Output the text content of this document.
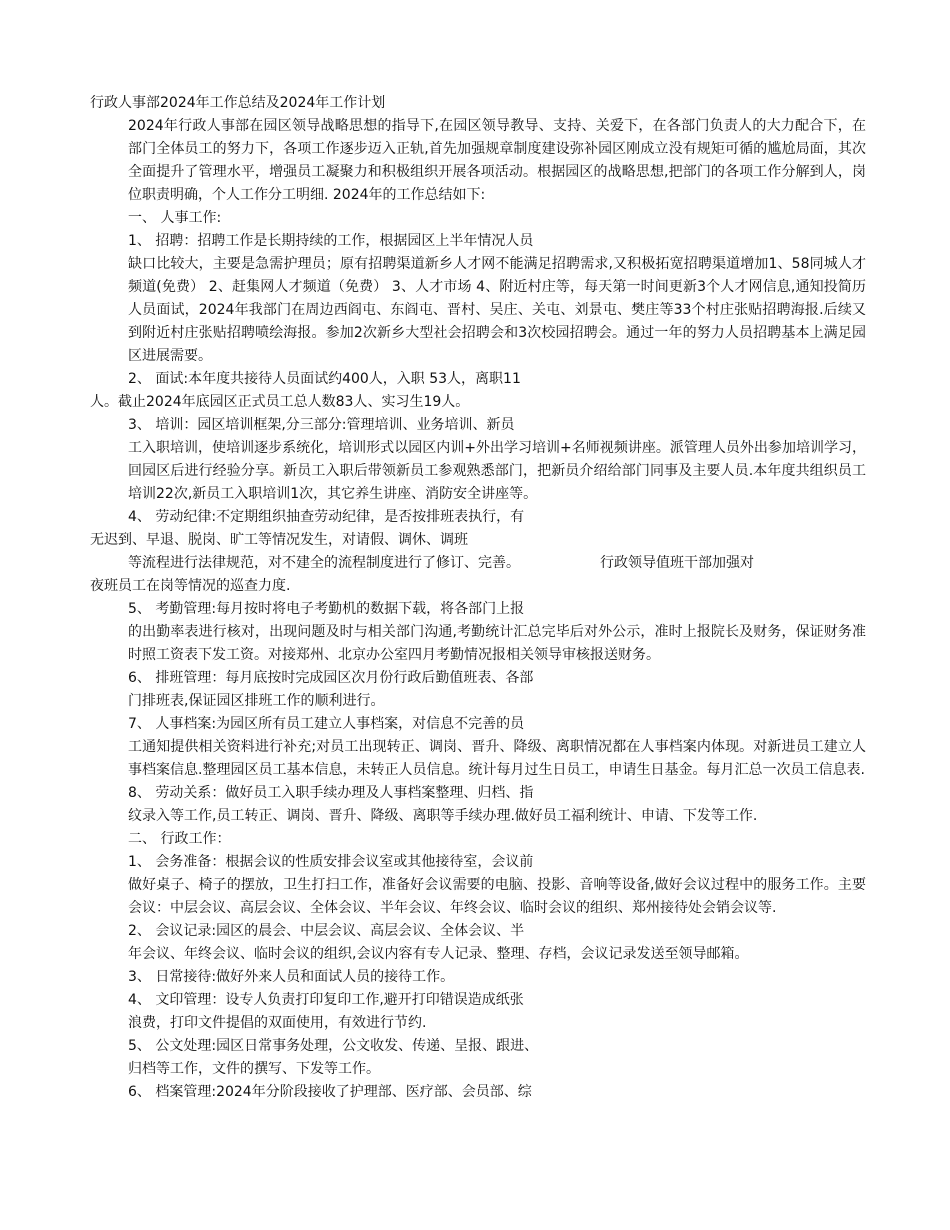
行政人事部2024年工作总结及2024年工作计划
2024年行政人事部在园区领导战略思想的指导下,在园区领导教导、支持、关爱下，在各部门负责人的大力配合下，在部门全体员工的努力下，各项工作逐步迈入正轨,首先加强规章制度建设弥补园区刚成立没有规矩可循的尴尬局面，其次全面提升了管理水平，增强员工凝聚力和积极组织开展各项活动。根据园区的战略思想,把部门的各项工作分解到人，岗位职责明确，个人工作分工明细. 2024年的工作总结如下:
一、 人事工作:
1、 招聘：招聘工作是长期持续的工作，根据园区上半年情况人员
缺口比较大，主要是急需护理员；原有招聘渠道新乡人才网不能满足招聘需求,又积极拓宽招聘渠道增加1、58同城人才频道(免费） 2、赶集网人才频道（免费） 3、人才市场 4、附近村庄等，每天第一时间更新3个人才网信息,通知投简历人员面试，2024年我部门在周边西阎屯、东阎屯、晋村、吴庄、关屯、刘景屯、樊庄等33个村庄张贴招聘海报.后续又到附近村庄张贴招聘喷绘海报。参加2次新乡大型社会招聘会和3次校园招聘会。通过一年的努力人员招聘基本上满足园区进展需要。
2、 面试:本年度共接待人员面试约400人，入职 53人，离职11
人。截止2024年底园区正式员工总人数83人、实习生19人。
3、 培训：园区培训框架,分三部分:管理培训、业务培训、新员
工入职培训，使培训逐步系统化，培训形式以园区内训+外出学习培训+名师视频讲座。派管理人员外出参加培训学习，回园区后进行经验分享。新员工入职后带领新员工参观熟悉部门，把新员介绍给部门同事及主要人员.本年度共组织员工培训22次,新员工入职培训1次，其它养生讲座、消防安全讲座等。
4、 劳动纪律:不定期组织抽查劳动纪律，是否按排班表执行，有
无迟到、早退、脱岗、旷工等情况发生，对请假、调休、调班
等流程进行法律规范，对不建全的流程制度进行了修订、完善。	行政领导值班干部加强对
夜班员工在岗等情况的巡查力度.
5、 考勤管理:每月按时将电子考勤机的数据下载，将各部门上报
的出勤率表进行核对，出现问题及时与相关部门沟通,考勤统计汇总完毕后对外公示，准时上报院长及财务，保证财务准时照工资表下发工资。对接郑州、北京办公室四月考勤情况报相关领导审核报送财务。
6、 排班管理：每月底按时完成园区次月份行政后勤值班表、各部
门排班表,保证园区排班工作的顺利进行。
7、 人事档案:为园区所有员工建立人事档案，对信息不完善的员
工通知提供相关资料进行补充;对员工出现转正、调岗、晋升、降级、离职情况都在人事档案内体现。对新进员工建立人事档案信息.整理园区员工基本信息，未转正人员信息。统计每月过生日员工，申请生日基金。每月汇总一次员工信息表.
8、 劳动关系：做好员工入职手续办理及人事档案整理、归档、指
纹录入等工作,员工转正、调岗、晋升、降级、离职等手续办理.做好员工福利统计、申请、下发等工作.
二、 行政工作：
1、 会务准备：根据会议的性质安排会议室或其他接待室，会议前
做好桌子、椅子的摆放，卫生打扫工作，准备好会议需要的电脑、投影、音响等设备,做好会议过程中的服务工作。主要会议：中层会议、高层会议、全体会议、半年会议、年终会议、临时会议的组织、郑州接待处会销会议等.
2、 会议记录:园区的晨会、中层会议、高层会议、全体会议、半
年会议、年终会议、临时会议的组织,会议内容有专人记录、整理、存档，会议记录发送至领导邮箱。
3、 日常接待:做好外来人员和面试人员的接待工作。
4、 文印管理：设专人负责打印复印工作,避开打印错误造成纸张
浪费，打印文件提倡的双面使用，有效进行节约.
5、 公文处理:园区日常事务处理，公文收发、传递、呈报、跟进、
归档等工作，文件的撰写、下发等工作。
6、 档案管理:2024年分阶段接收了护理部、医疗部、会员部、综
